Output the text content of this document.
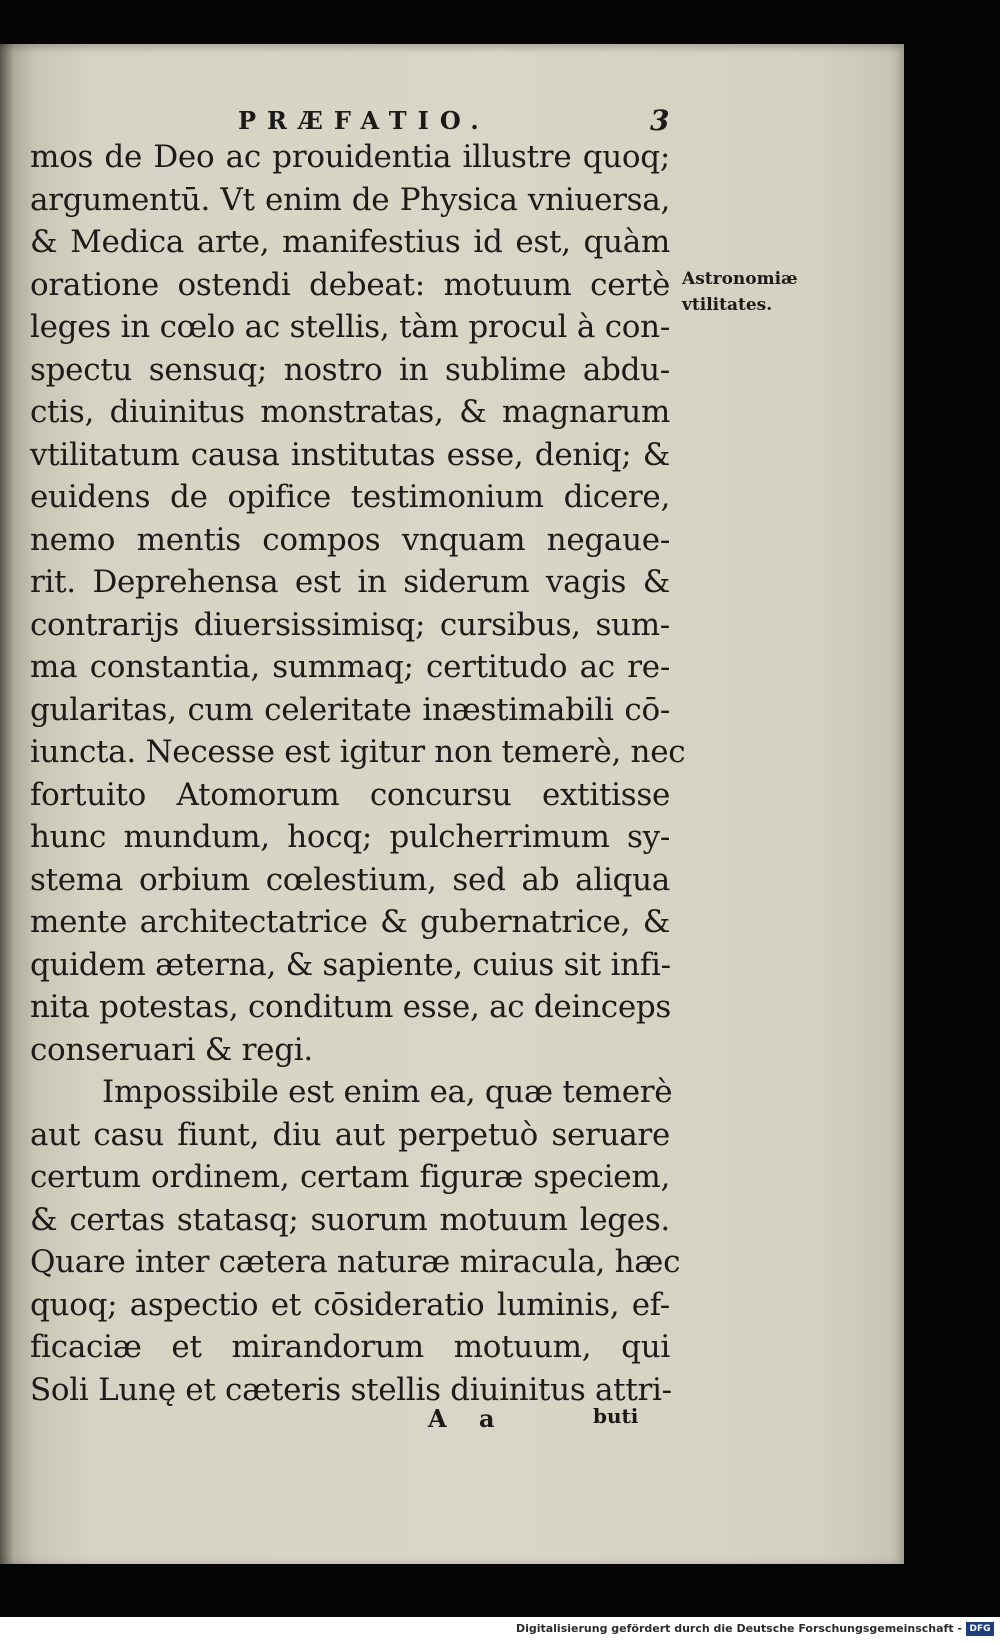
PRÆFATIO.	3
mos de Deo ac prouidentia illustre quoq;
argumentū. Vt enim de Physica vniuersa,
& Medica arte, manifestius id est, quàm
oratione ostendi debeat: motuum certè
leges in cœlo ac stellis, tàm procul à con-
spectu sensuq; nostro in sublime abdu-
ctis, diuinitus monstratas, & magnarum
vtilitatum causa institutas esse, deniq; &
euidens de opifice testimonium dicere,
nemo mentis compos vnquam negaue-
rit. Deprehensa est in siderum vagis &
contrarijs diuersissimisq; cursibus, sum-
ma constantia, summaq; certitudo ac re-
gularitas, cum celeritate inæstimabili cō-
iuncta. Necesse est igitur non temerè, nec
fortuito Atomorum concursu extitisse
hunc mundum, hocq; pulcherrimum sy-
stema orbium cœlestium, sed ab aliqua
mente architectatrice & gubernatrice, &
quidem æterna, & sapiente, cuius sit infi-
nita potestas, conditum esse, ac deinceps
conseruari & regi.
Impossibile est enim ea, quæ temerè
aut casu fiunt, diu aut perpetuò seruare
certum ordinem, certam figuræ speciem,
& certas statasq; suorum motuum leges.
Quare inter cætera naturæ miracula, hæc
quoq; aspectio et cōsideratio luminis, ef-
ficaciæ et mirandorum motuum, qui
Soli Lunę et cæteris stellis diuinitus attri-
Astronomiæ
vtilitates.
A a	buti
Digitalisierung gefördert durch die Deutsche Forschungsgemeinschaft - DFG
